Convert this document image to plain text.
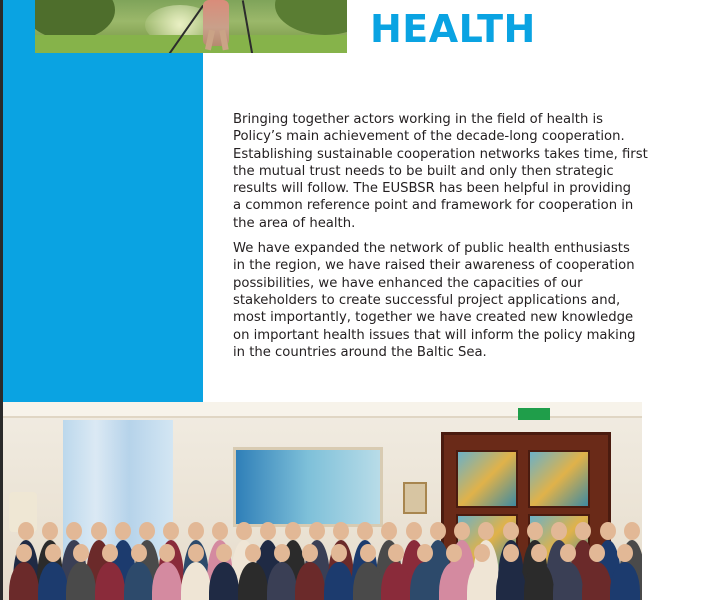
HEALTH

Bringing together actors working in the field of health is

Policy’s main achievement of the decade-long cooperation.

Establishing sustainable cooperation networks takes time, first

the mutual trust needs to be built and only then strategic

results will follow. The EUSBSR has been helpful in providing

a common reference point and framework for cooperation in

the area of health.

We have expanded the network of public health enthusiasts

in the region, we have raised their awareness of cooperation

possibilities, we have enhanced the capacities of our

stakeholders to create successful project applications and,

most importantly, together we have created new knowledge

on important health issues that will inform the policy making

in the countries around the Baltic Sea.
